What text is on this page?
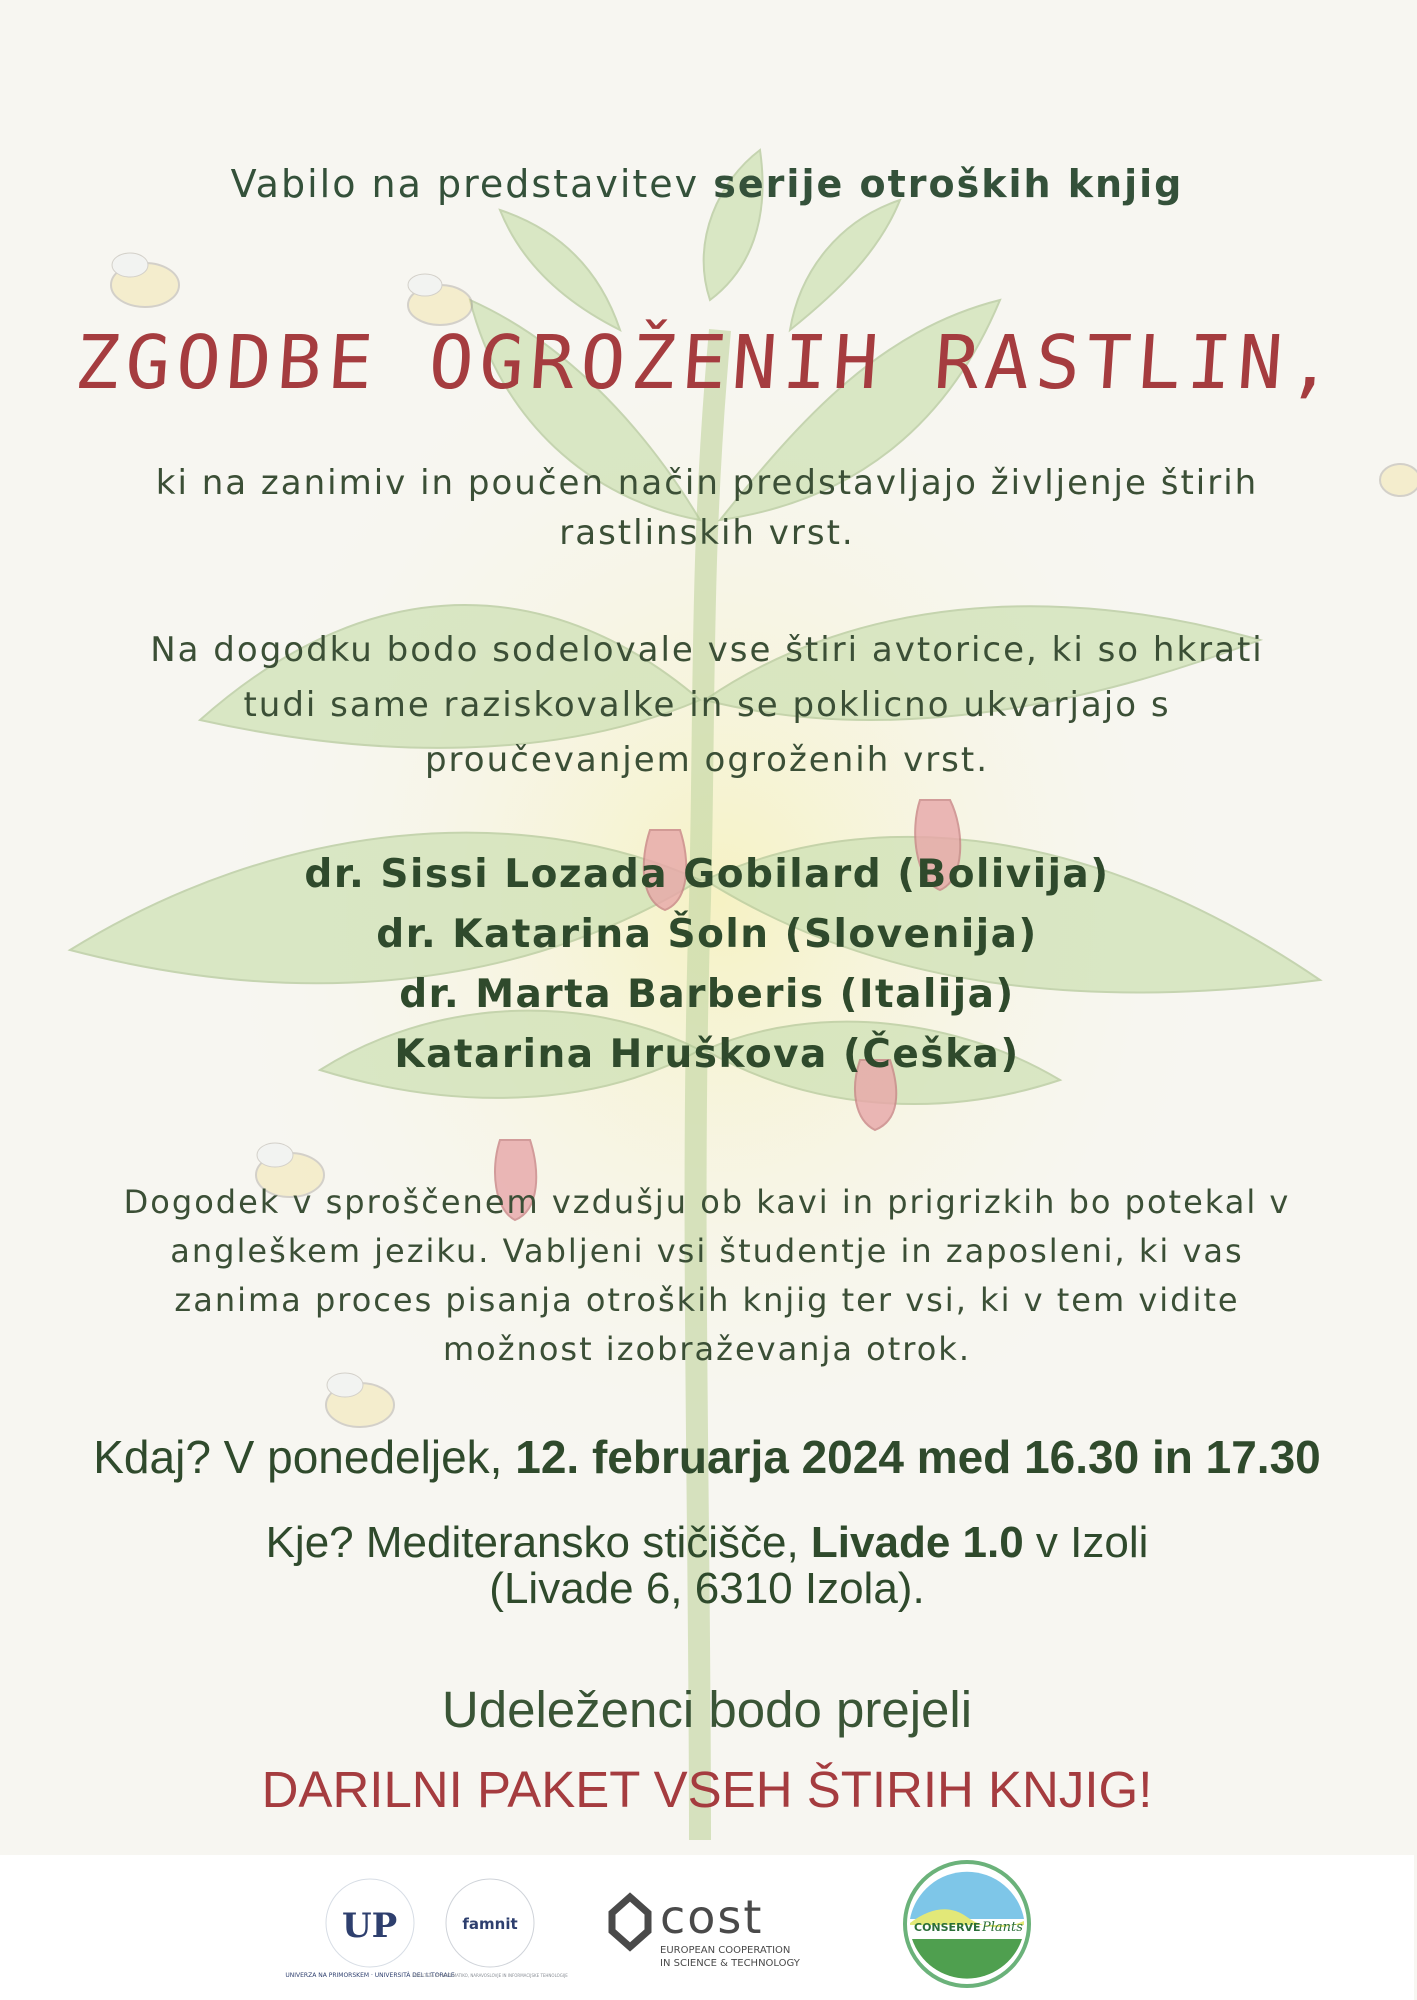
Vabilo na predstavitev serije otroških knjig
ZGODBE OGROŽENIH RASTLIN,
ki na zanimiv in poučen način predstavljajo življenje štirih rastlinskih vrst.
Na dogodku bodo sodelovale vse štiri avtorice, ki so hkrati tudi same raziskovalke in se poklicno ukvarjajo s proučevanjem ogroženih vrst.
dr. Sissi Lozada Gobilard (Bolivija)
dr. Katarina Šoln (Slovenija)
dr. Marta Barberis (Italija)
Katarina Hruškova (Češka)
Dogodek v sproščenem vzdušju ob kavi in prigrizkih bo potekal v angleškem jeziku. Vabljeni vsi študentje in zaposleni, ki vas zanima proces pisanja otroških knjig ter vsi, ki v tem vidite možnost izobraževanja otrok.
Kdaj? V ponedeljek, 12. februarja 2024 med 16.30 in 17.30
Kje? Mediteransko stičišče, Livade 1.0 v Izoli
(Livade 6, 6310 Izola).
Udeleženci bodo prejeli
DARILNI PAKET VSEH ŠTIRIH KNJIG!
UP
UNIVERZA NA PRIMORSKEM · UNIVERSITÀ DEL LITORALE
famnit
FAKULTETA ZA MATEMATIKO, NARAVOSLOVJE IN INFORMACIJSKE TEHNOLOGIJE
cost
EUROPEAN COOPERATION
IN SCIENCE & TECHNOLOGY
CONSERVE Plants
